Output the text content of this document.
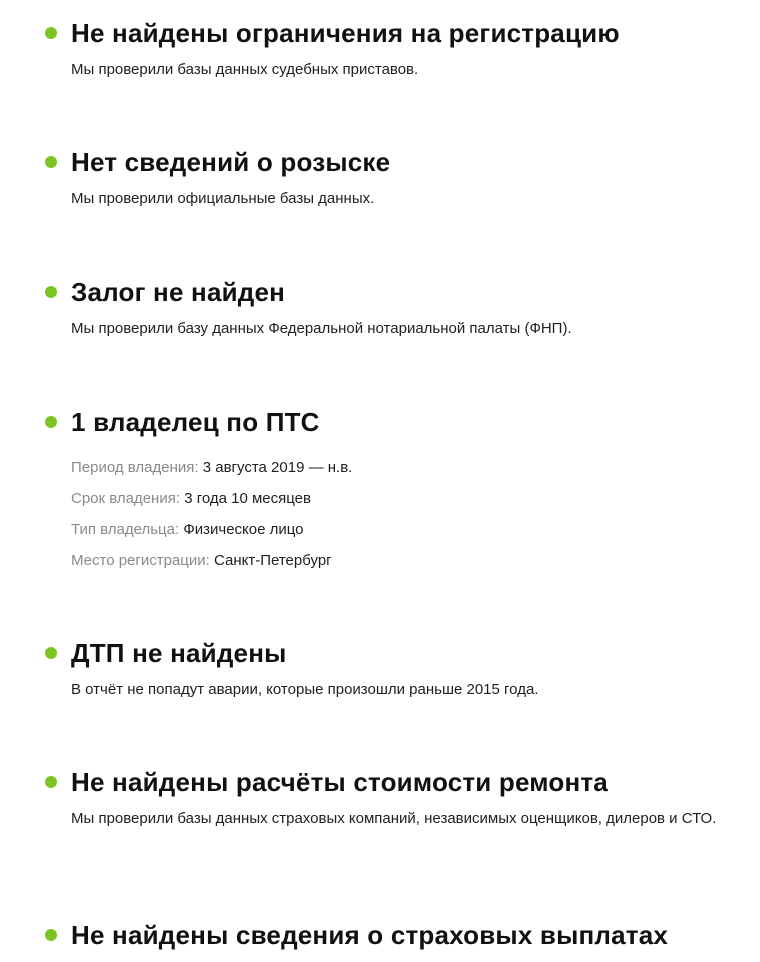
Не найдены ограничения на регистрацию
Мы проверили базы данных судебных приставов.
Нет сведений о розыске
Мы проверили официальные базы данных.
Залог не найден
Мы проверили базу данных Федеральной нотариальной палаты (ФНП).
1 владелец по ПТС
Период владения: 3 августа 2019 — н.в.
Срок владения: 3 года 10 месяцев
Тип владельца: Физическое лицо
Место регистрации: Санкт-Петербург
ДТП не найдены
В отчёт не попадут аварии, которые произошли раньше 2015 года.
Не найдены расчёты стоимости ремонта
Мы проверили базы данных страховых компаний, независимых оценщиков, дилеров и СТО.
Не найдены сведения о страховых выплатах
